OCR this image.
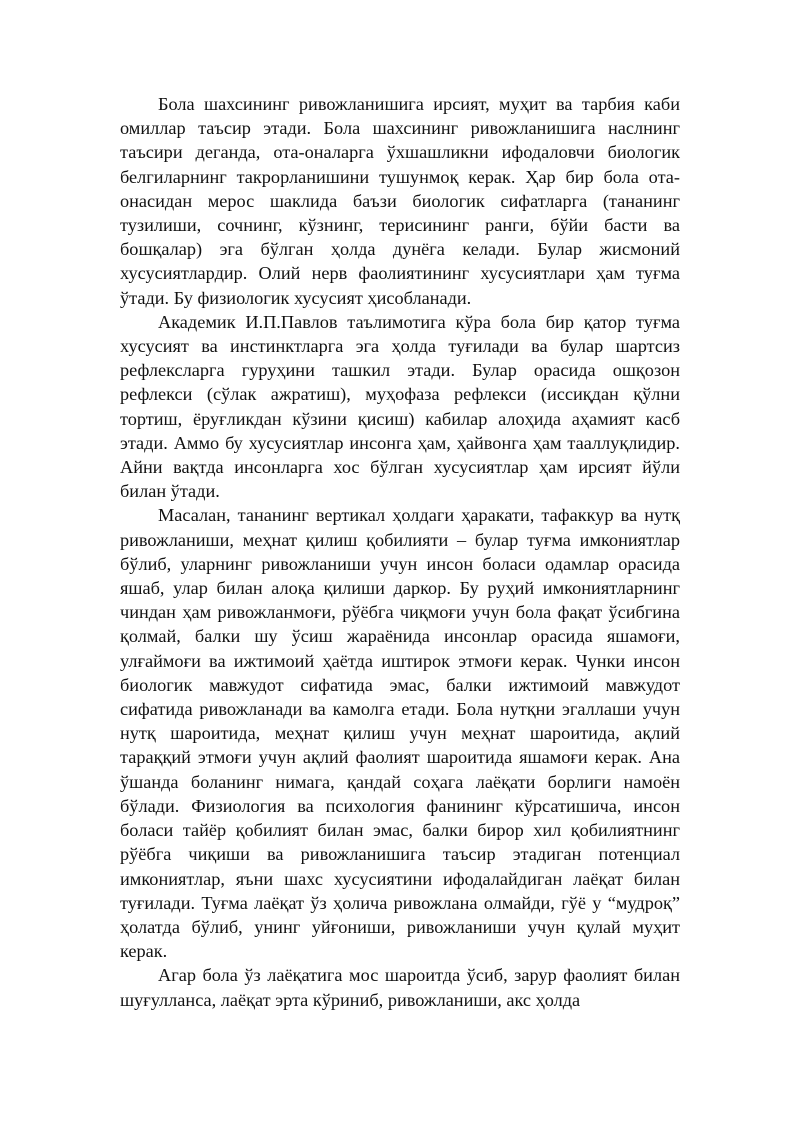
Бола шахсининг ривожланишига ирсият, муҳит ва тарбия каби омиллар таъсир этади. Бола шахсининг ривожланишига наслнинг таъсири деганда, ота-оналарга ўхшашликни ифодаловчи биологик белгиларнинг такрорланишини тушунмоқ керак. Ҳар бир бола ота-онасидан мерос шаклида баъзи биологик сифатларга (тананинг тузилиши, сочнинг, кўзнинг, терисининг ранги, бўйи басти ва бошқалар) эга бўлган ҳолда дунёга келади. Булар жисмоний хусусиятлардир. Олий нерв фаолиятининг хусусиятлари ҳам туғма ўтади. Бу физиологик хусусият ҳисобланади.

Академик И.П.Павлов таълимотига кўра бола бир қатор туғма хусусият ва инстинктларга эга ҳолда туғилади ва булар шартсиз рефлексларга гуруҳини ташкил этади. Булар орасида ошқозон рефлекси (сўлак ажратиш), муҳофаза рефлекси (иссиқдан қўлни тортиш, ёруғликдан кўзини қисиш) кабилар алоҳида аҳамият касб этади. Аммо бу хусусиятлар инсонга ҳам, ҳайвонга ҳам тааллуқлидир. Айни вақтда инсонларга хос бўлган хусусиятлар ҳам ирсият йўли билан ўтади.

Масалан, тананинг вертикал ҳолдаги ҳаракати, тафаккур ва нутқ ривожланиши, меҳнат қилиш қобилияти – булар туғма имкониятлар бўлиб, уларнинг ривожланиши учун инсон боласи одамлар орасида яшаб, улар билан алоқа қилиши даркор. Бу руҳий имкониятларнинг чиндан ҳам ривожланмоғи, рўёбга чиқмоғи учун бола фақат ўсибгина қолмай, балки шу ўсиш жараёнида инсонлар орасида яшамоғи, улғаймоғи ва ижтимоий ҳаётда иштирок этмоғи керак. Чунки инсон биологик мавжудот сифатида эмас, балки ижтимоий мавжудот сифатида ривожланади ва камолга етади. Бола нутқни эгаллаши учун нутқ шароитида, меҳнат қилиш учун меҳнат шароитида, ақлий тараққий этмоғи учун ақлий фаолият шароитида яшамоғи керак. Ана ўшанда боланинг нимага, қандай соҳага лаёқати борлиги намоён бўлади. Физиология ва психология фанининг кўрсатишича, инсон боласи тайёр қобилият билан эмас, балки бирор хил қобилиятнинг рўёбга чиқиши ва ривожланишига таъсир этадиган потенциал имкониятлар, яъни шахс хусусиятини ифодалайдиган лаёқат билан туғилади. Туғма лаёқат ўз ҳолича ривожлана олмайди, гўё у “мудроқ” ҳолатда бўлиб, унинг уйғониши, ривожланиши учун қулай муҳит керак.

Агар бола ўз лаёқатига мос шароитда ўсиб, зарур фаолият билан шуғулланса, лаёқат эрта кўриниб, ривожланиши, акс ҳолда
